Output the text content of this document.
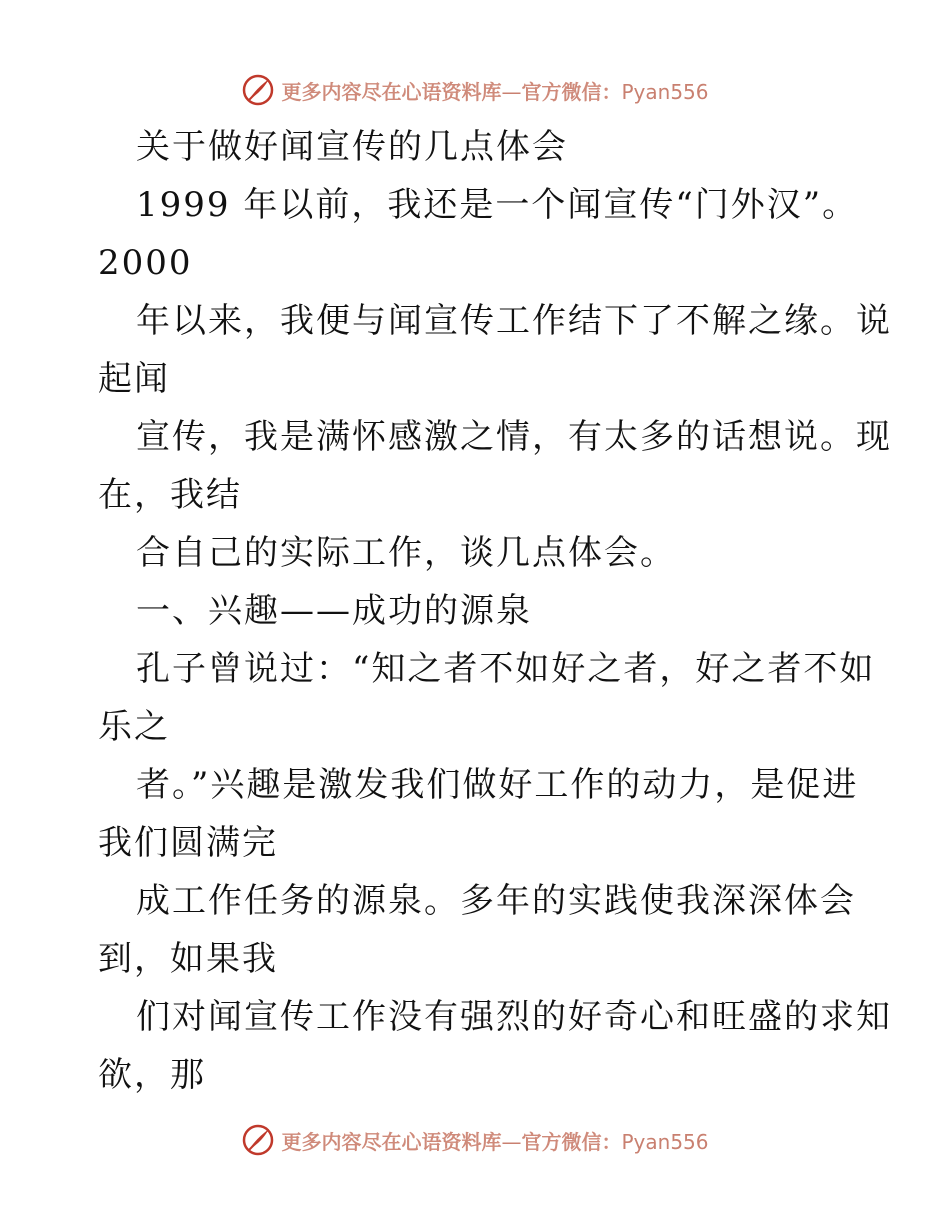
更多内容尽在心语资料库—官方微信：Pyan556
关于做好闻宣传的几点体会
1999 年以前，我还是一个闻宣传“门外汉”。
2000
年以来，我便与闻宣传工作结下了不解之缘。说
起闻
宣传，我是满怀感激之情，有太多的话想说。现
在，我结
合自己的实际工作，谈几点体会。
一、兴趣——成功的源泉
孔子曾说过：“知之者不如好之者，好之者不如
乐之
者。”兴趣是激发我们做好工作的动力，是促进
我们圆满完
成工作任务的源泉。多年的实践使我深深体会
到，如果我
们对闻宣传工作没有强烈的好奇心和旺盛的求知
欲，那
更多内容尽在心语资料库—官方微信：Pyan556
